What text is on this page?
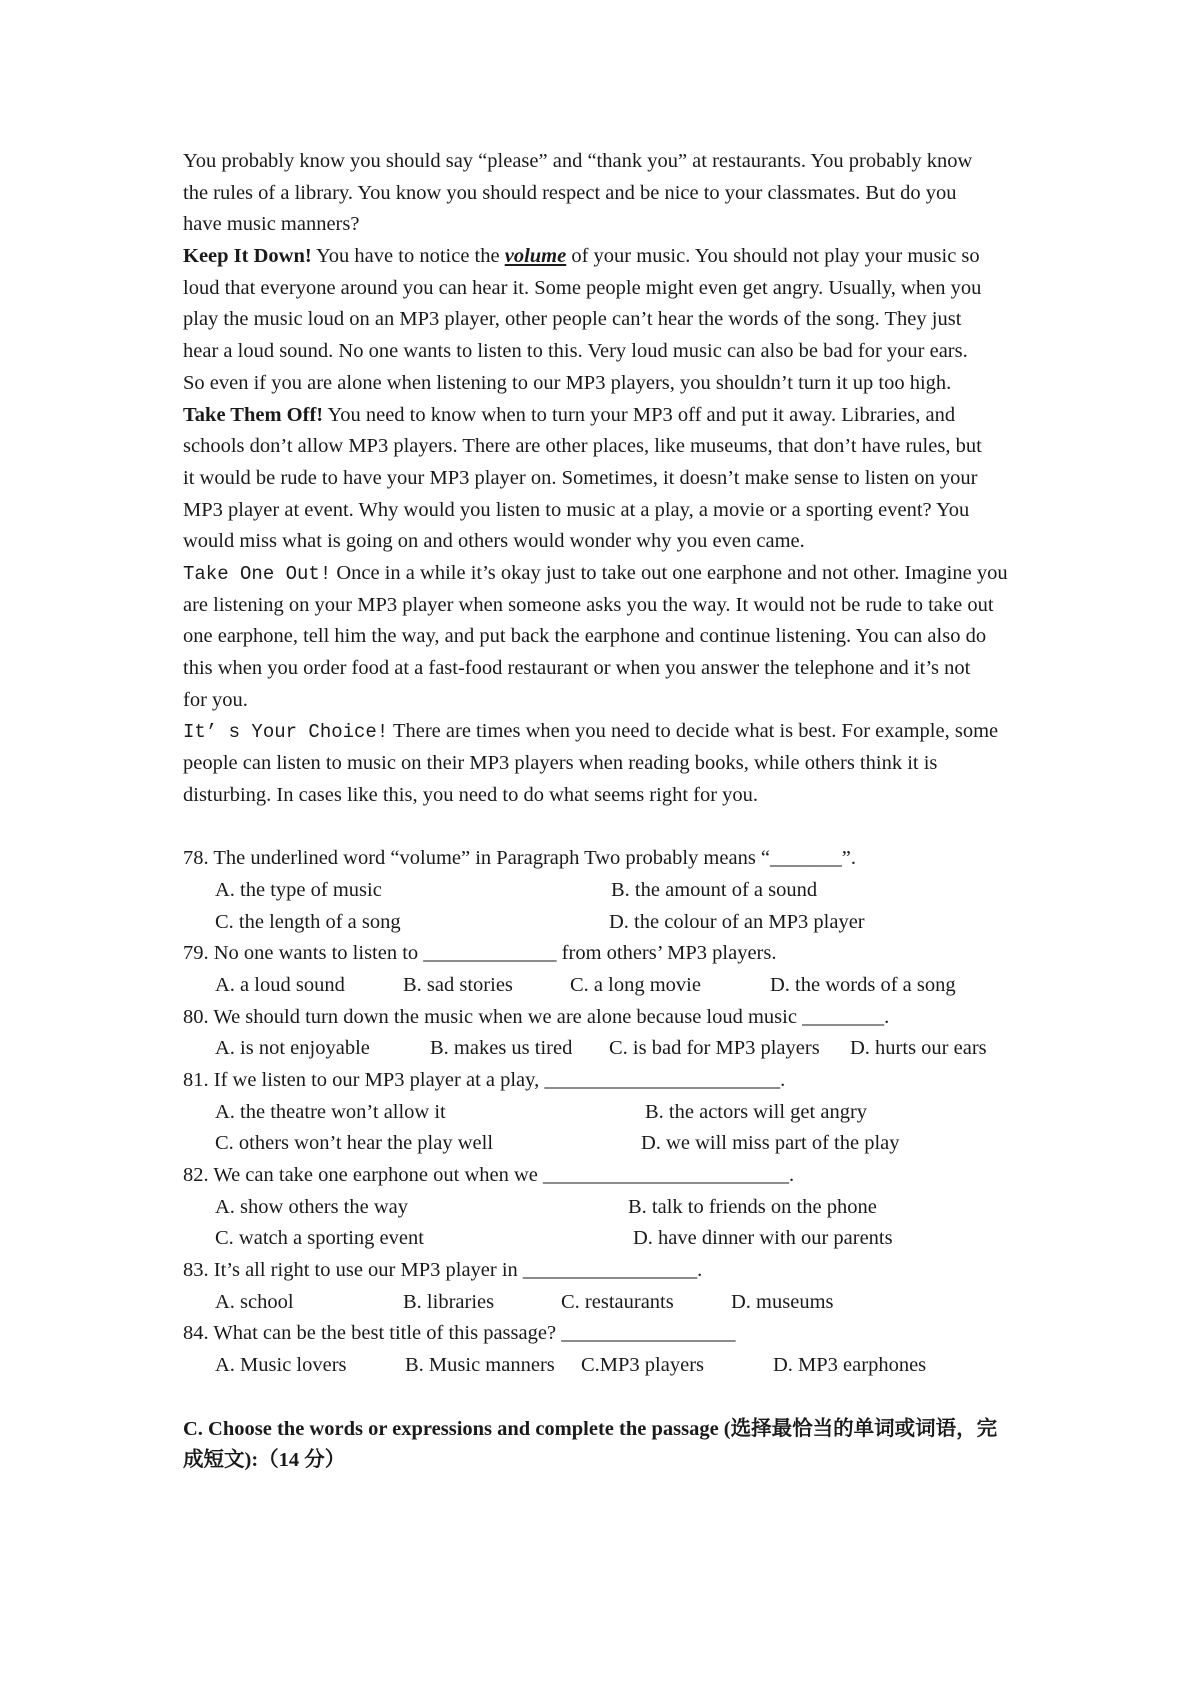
You probably know you should say “please” and “thank you” at restaurants. You probably know
the rules of a library. You know you should respect and be nice to your classmates. But do you
have music manners?
Keep It Down! You have to notice the volume of your music. You should not play your music so
loud that everyone around you can hear it. Some people might even get angry. Usually, when you
play the music loud on an MP3 player, other people can’t hear the words of the song. They just
hear a loud sound. No one wants to listen to this. Very loud music can also be bad for your ears.
So even if you are alone when listening to our MP3 players, you shouldn’t turn it up too high.
Take Them Off! You need to know when to turn your MP3 off and put it away. Libraries, and
schools don’t allow MP3 players. There are other places, like museums, that don’t have rules, but
it would be rude to have your MP3 player on. Sometimes, it doesn’t make sense to listen on your
MP3 player at event. Why would you listen to music at a play, a movie or a sporting event? You
would miss what is going on and others would wonder why you even came.
Take One Out! Once in a while it’s okay just to take out one earphone and not other. Imagine you
are listening on your MP3 player when someone asks you the way. It would not be rude to take out
one earphone, tell him the way, and put back the earphone and continue listening. You can also do
this when you order food at a fast-food restaurant or when you answer the telephone and it’s not
for you.
It’ s Your Choice! There are times when you need to decide what is best. For example, some
people can listen to music on their MP3 players when reading books, while others think it is
disturbing. In cases like this, you need to do what seems right for you.
78. The underlined word “volume” in Paragraph Two probably means “_______”.
A. the type of music	B. the amount of a sound
C. the length of a song	D. the colour of an MP3 player
79. No one wants to listen to _____________ from others’ MP3 players.
A. a loud sound	B. sad stories	C. a long movie	D. the words of a song
80. We should turn down the music when we are alone because loud music ________.
A. is not enjoyable	B. makes us tired C. is bad for MP3 players D. hurts our ears
81. If we listen to our MP3 player at a play, _______________________.
A. the theatre won’t allow it	B. the actors will get angry
C. others won’t hear the play well	D. we will miss part of the play
82. We can take one earphone out when we ________________________.
A. show others the way	B. talk to friends on the phone
C. watch a sporting event	D. have dinner with our parents
83. It’s all right to use our MP3 player in _________________.
A. school	B. libraries	C. restaurants	D. museums
84. What can be the best title of this passage? _________________
A. Music lovers	B. Music manners C.MP3 players	D. MP3 earphones
C. Choose the words or expressions and complete the passage (选择最恰当的单词或词语，完
成短文):（14 分）
